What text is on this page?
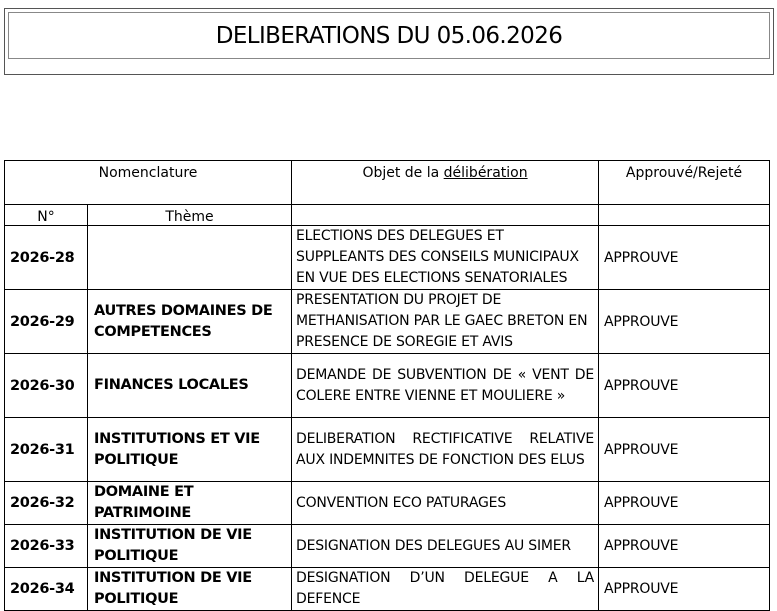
DELIBERATIONS DU 05.06.2026
Nomenclature		Objet de la délibération	Approuvé/Rejeté
N°	Thème		
2026-28		ELECTIONS DES DELEGUES ET SUPPLEANTS DES CONSEILS MUNICIPAUX EN VUE DES ELECTIONS SENATORIALES	APPROUVE
2026-29	AUTRES DOMAINES DE COMPETENCES	PRESENTATION DU PROJET DE METHANISATION PAR LE GAEC BRETON EN PRESENCE DE SOREGIE ET AVIS	APPROUVE
2026-30	FINANCES LOCALES	DEMANDE DE SUBVENTION DE « VENT DE COLERE ENTRE VIENNE ET MOULIERE »	APPROUVE
2026-31	INSTITUTIONS ET VIE POLITIQUE	DELIBERATION RECTIFICATIVE RELATIVE AUX INDEMNITES DE FONCTION DES ELUS	APPROUVE
2026-32	DOMAINE ET PATRIMOINE	CONVENTION ECO PATURAGES	APPROUVE
2026-33	INSTITUTION DE VIE POLITIQUE	DESIGNATION DES DELEGUES AU SIMER	APPROUVE
2026-34	INSTITUTION DE VIE POLITIQUE	DESIGNATION D’UN DELEGUE A LA DEFENCE	APPROUVE
